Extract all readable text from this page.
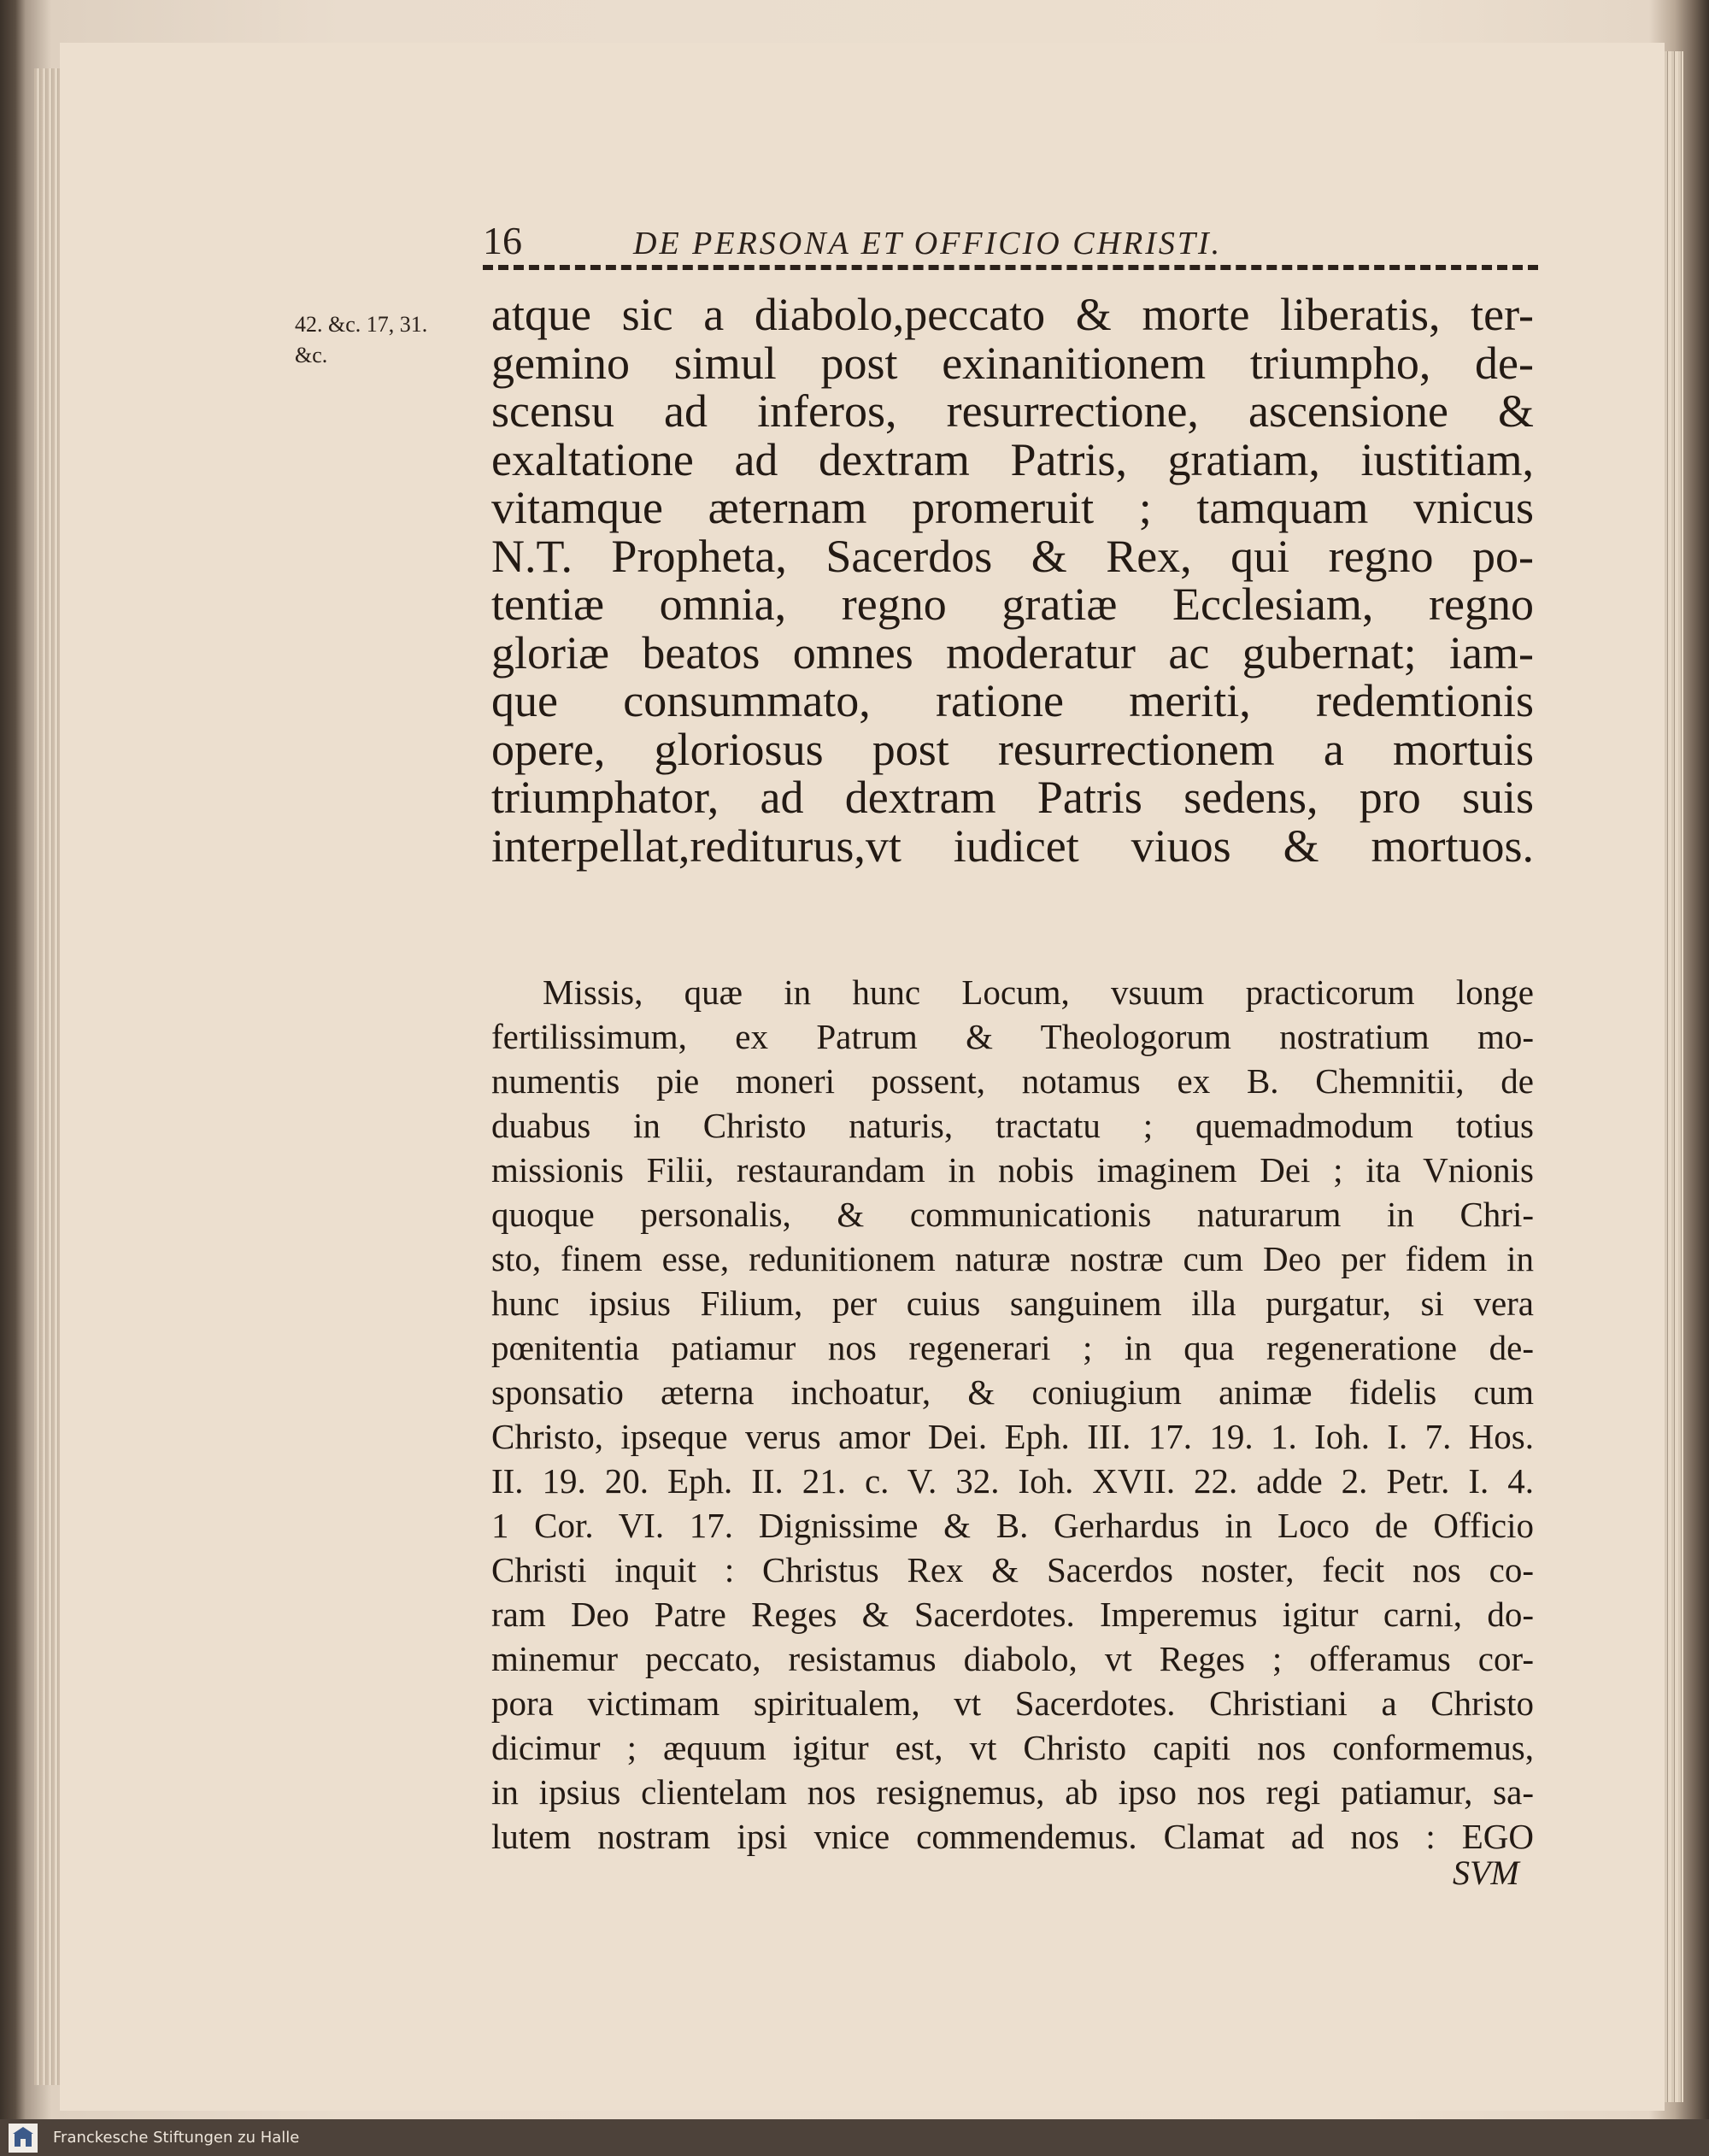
16	DE PERSONA ET OFFICIO CHRISTI.
42. &c. 17, 31.
&c.
atque sic a diabolo,peccato & morte liberatis, ter-
gemino simul post exinanitionem triumpho, de-
scensu ad inferos, resurrectione, ascensione &
exaltatione ad dextram Patris, gratiam, iustitiam,
vitamque æternam promeruit ; tamquam vnicus
N.T. Propheta, Sacerdos & Rex, qui regno po-
tentiæ omnia, regno gratiæ Ecclesiam, regno
gloriæ beatos omnes moderatur ac gubernat; iam-
que consummato, ratione meriti, redemtionis
opere, gloriosus post resurrectionem a mortuis
triumphator, ad dextram Patris sedens, pro suis
interpellat,rediturus,vt iudicet viuos & mortuos.
Missis, quæ in hunc Locum, vsuum practicorum longe
fertilissimum, ex Patrum & Theologorum nostratium mo-
numentis pie moneri possent, notamus ex B. Chemnitii, de
duabus in Christo naturis, tractatu ; quemadmodum totius
missionis Filii, restaurandam in nobis imaginem Dei ; ita Vnionis
quoque personalis, & communicationis naturarum in Chri-
sto, finem esse, redunitionem naturæ nostræ cum Deo per fidem in
hunc ipsius Filium, per cuius sanguinem illa purgatur, si vera
pœnitentia patiamur nos regenerari ; in qua regeneratione de-
sponsatio æterna inchoatur, & coniugium animæ fidelis cum
Christo, ipseque verus amor Dei. Eph. III. 17. 19. 1. Ioh. I. 7. Hos.
II. 19. 20. Eph. II. 21. c. V. 32. Ioh. XVII. 22. adde 2. Petr. I. 4.
1 Cor. VI. 17. Dignissime & B. Gerhardus in Loco de Officio
Christi inquit : Christus Rex & Sacerdos noster, fecit nos co-
ram Deo Patre Reges & Sacerdotes. Imperemus igitur carni, do-
minemur peccato, resistamus diabolo, vt Reges ; offeramus cor-
pora victimam spiritualem, vt Sacerdotes. Christiani a Christo
dicimur ; æquum igitur est, vt Christo capiti nos conformemus,
in ipsius clientelam nos resignemus, ab ipso nos regi patiamur, sa-
lutem nostram ipsi vnice commendemus. Clamat ad nos : EGO
SVM
Franckesche Stiftungen zu Halle
